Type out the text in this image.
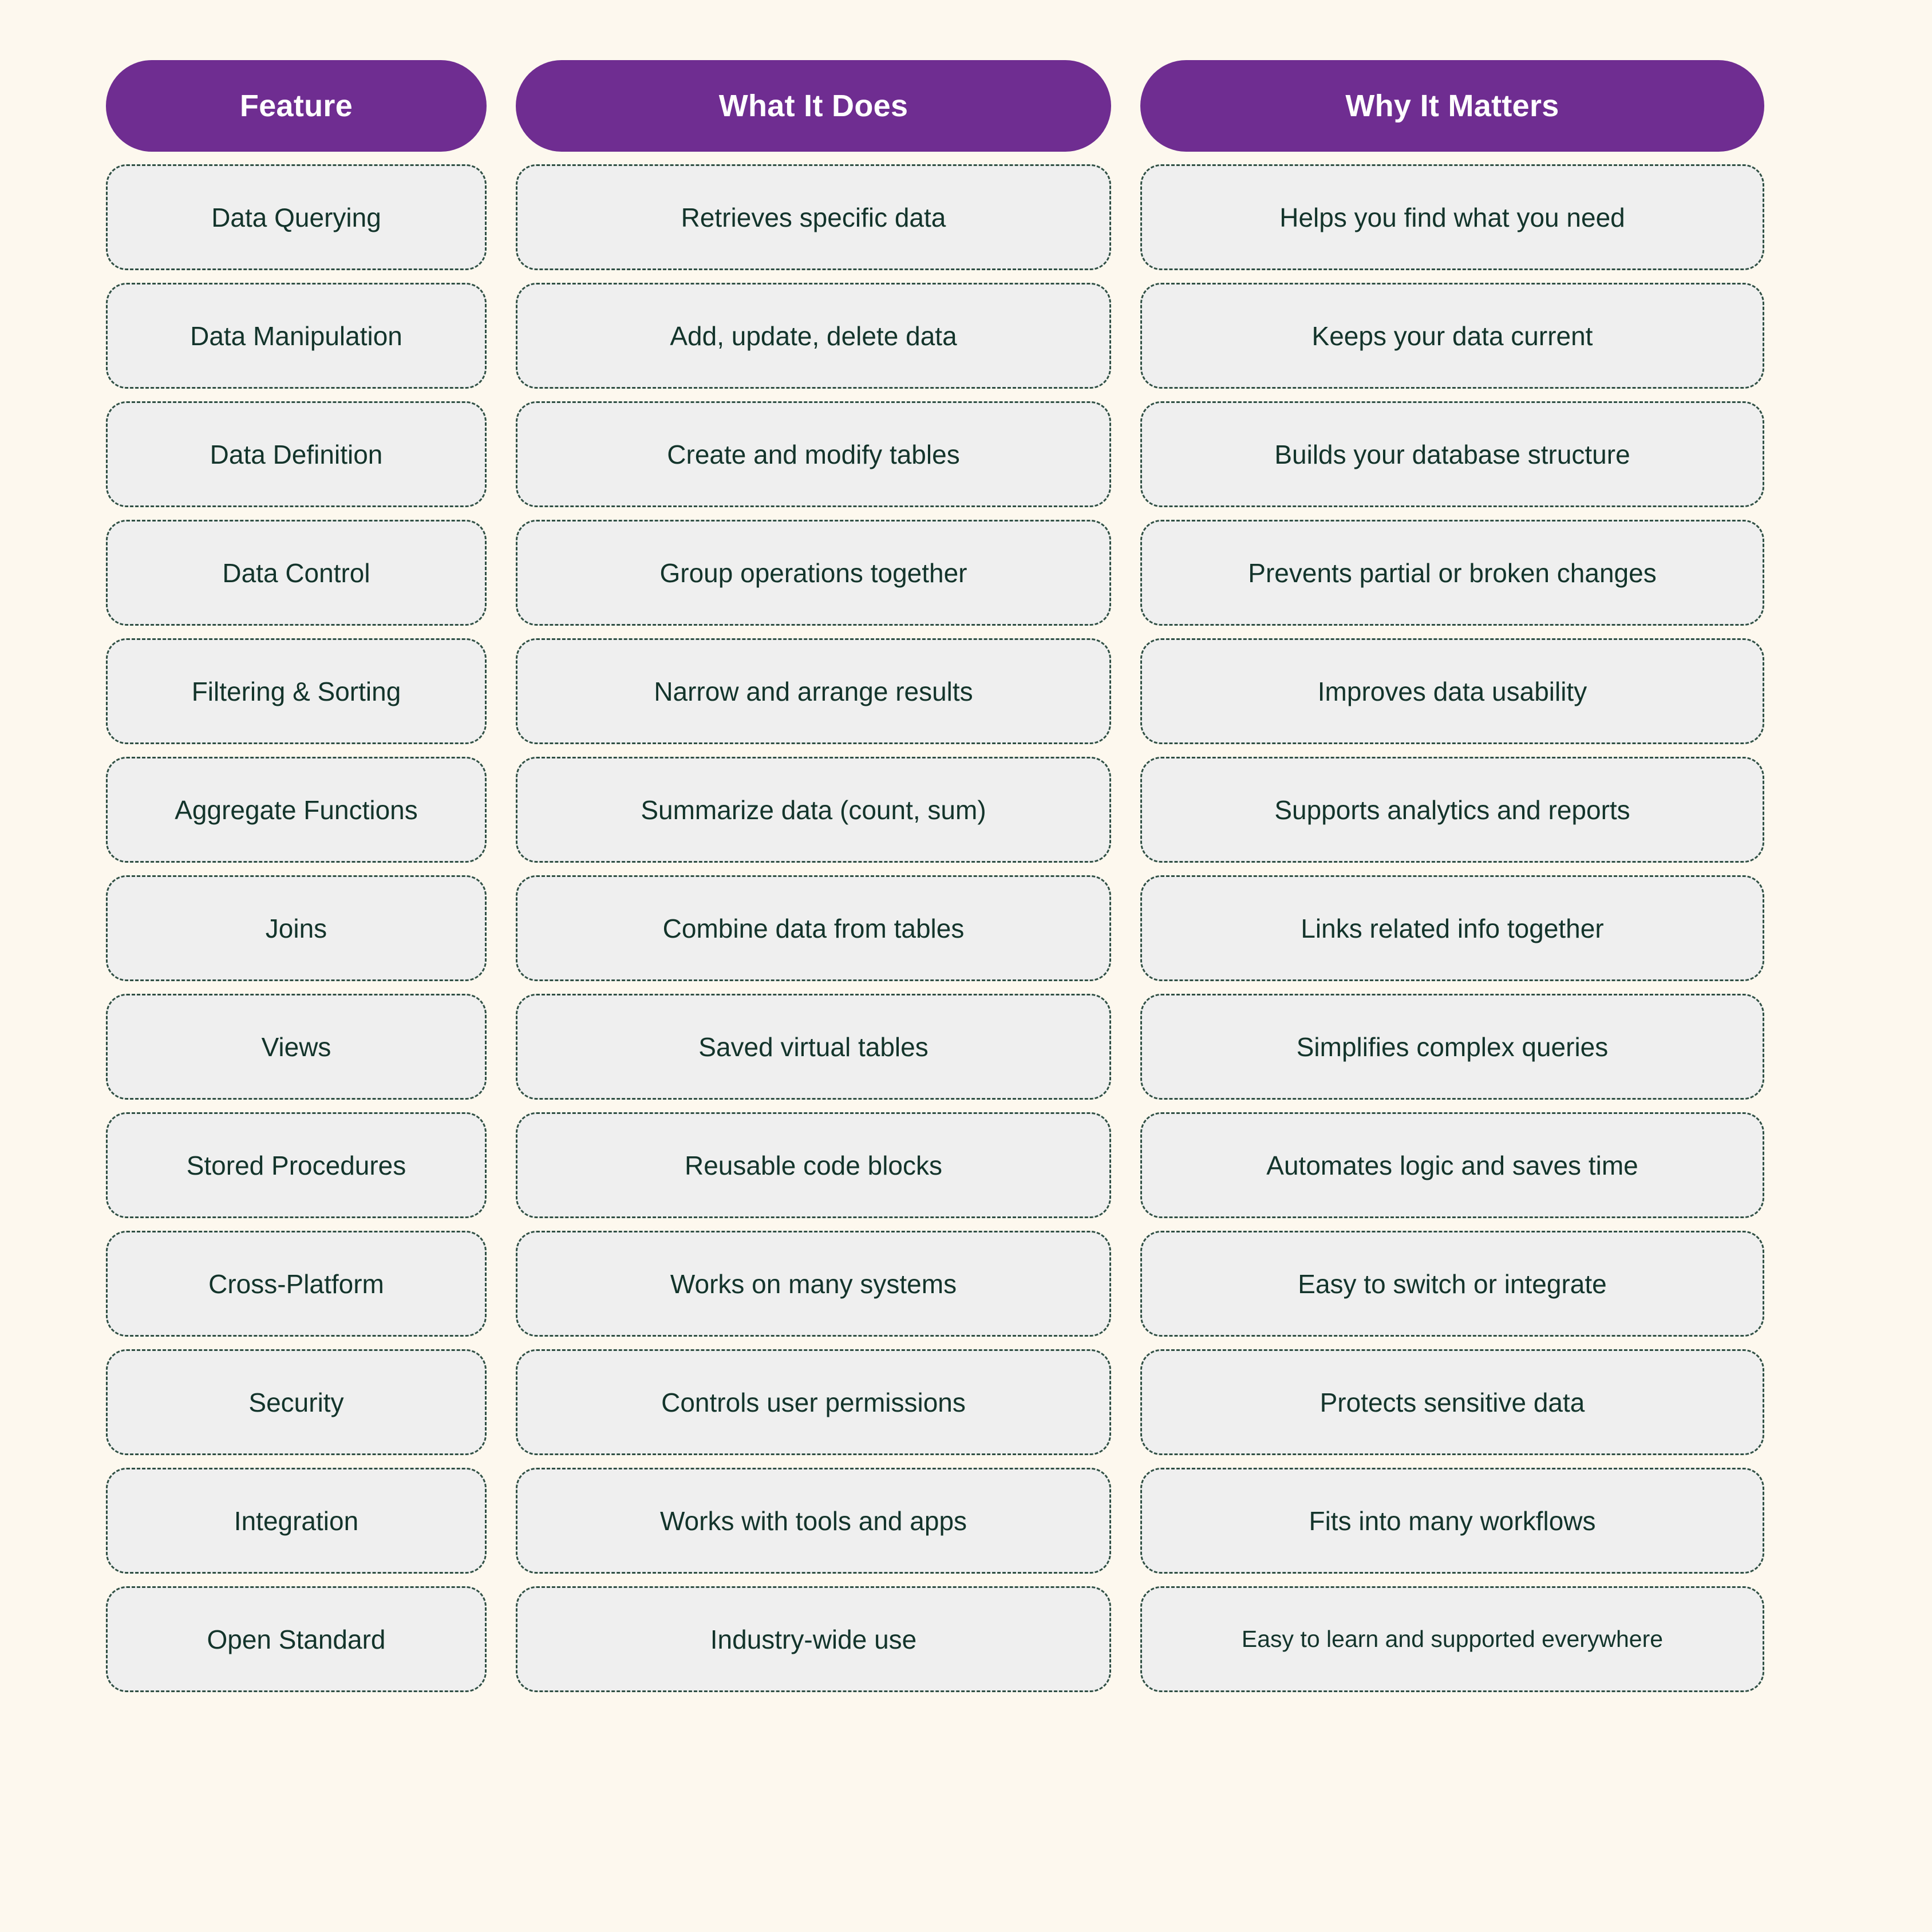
Feature
Data Querying
Data Manipulation
Data Definition
Data Control
Filtering & Sorting
Aggregate Functions
Joins
Views
Stored Procedures
Cross-Platform
Security
Integration
Open Standard
What It Does
Retrieves specific data
Add, update, delete data
Create and modify tables
Group operations together
Narrow and arrange results
Summarize data (count, sum)
Combine data from tables
Saved virtual tables
Reusable code blocks
Works on many systems
Controls user permissions
Works with tools and apps
Industry-wide use
Why It Matters
Helps you find what you need
Keeps your data current
Builds your database structure
Prevents partial or broken changes
Improves data usability
Supports analytics and reports
Links related info together
Simplifies complex queries
Automates logic and saves time
Easy to switch or integrate
Protects sensitive data
Fits into many workflows
Easy to learn and supported everywhere
